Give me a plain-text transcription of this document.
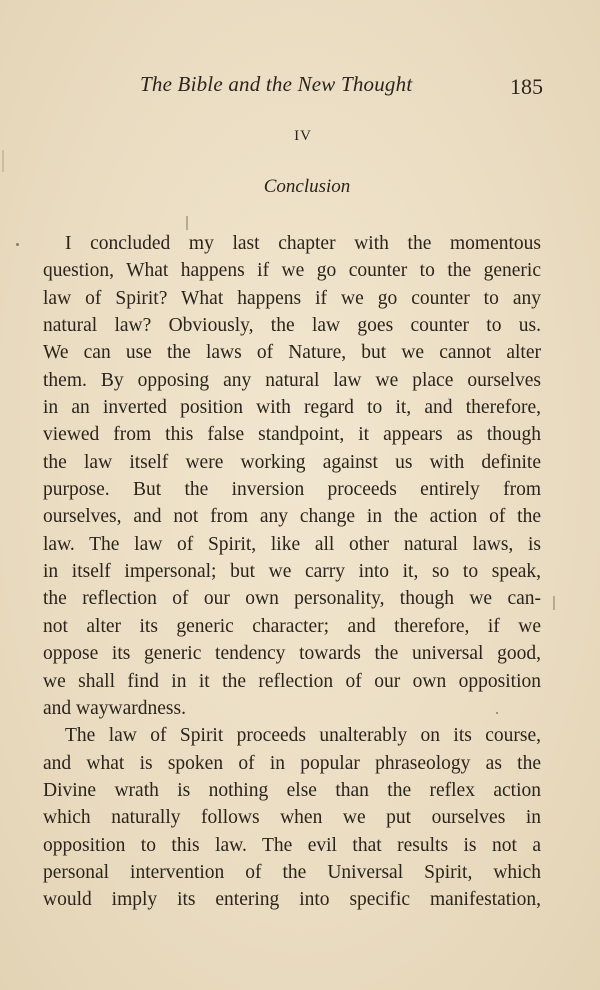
The Bible and the New Thought	185
IV
Conclusion
I concluded my last chapter with the momentous
question, What happens if we go counter to the generic
law of Spirit? What happens if we go counter to any
natural law? Obviously, the law goes counter to us.
We can use the laws of Nature, but we cannot alter
them. By opposing any natural law we place ourselves
in an inverted position with regard to it, and therefore,
viewed from this false standpoint, it appears as though
the law itself were working against us with definite
purpose. But the inversion proceeds entirely from
ourselves, and not from any change in the action of the
law. The law of Spirit, like all other natural laws, is
in itself impersonal; but we carry into it, so to speak,
the reflection of our own personality, though we can-
not alter its generic character; and therefore, if we
oppose its generic tendency towards the universal good,
we shall find in it the reflection of our own opposition
and waywardness.
The law of Spirit proceeds unalterably on its course,
and what is spoken of in popular phraseology as the
Divine wrath is nothing else than the reflex action
which naturally follows when we put ourselves in
opposition to this law. The evil that results is not a
personal intervention of the Universal Spirit, which
would imply its entering into specific manifestation,
